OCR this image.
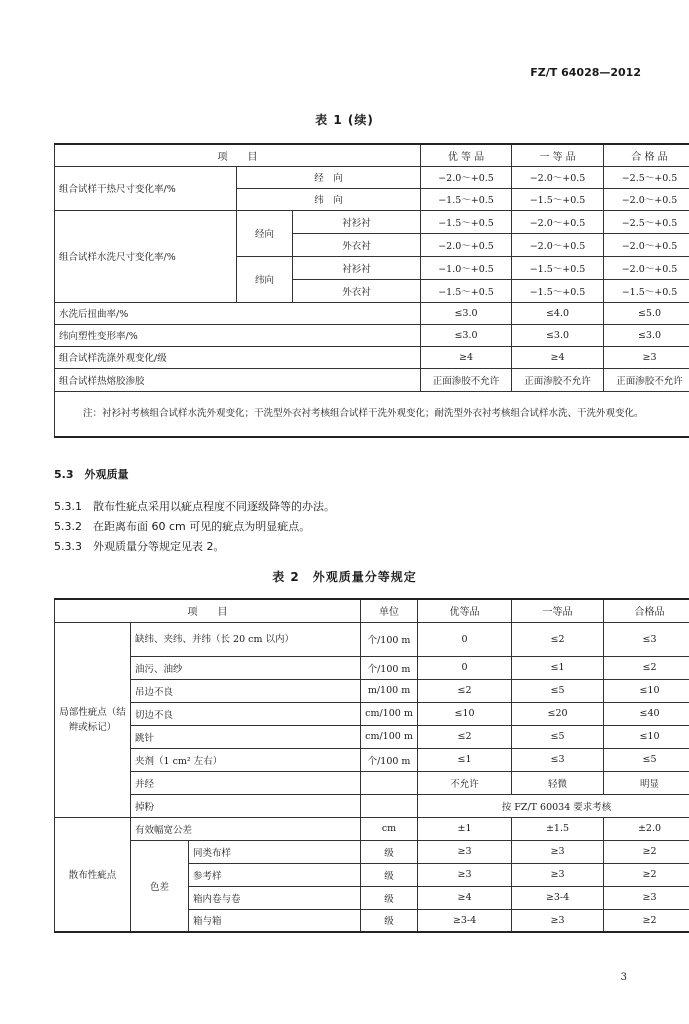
FZ/T 64028—2012
表 1 (续)
项　　目			优 等 品	一 等 品	合 格 品
组合试样干热尺寸变化率/%	经　向		−2.0～+0.5	−2.0～+0.5	−2.5～+0.5
	纬　向		−1.5～+0.5	−1.5～+0.5	−2.0～+0.5
组合试样水洗尺寸变化率/%	经向	衬衫衬	−1.5～+0.5	−2.0～+0.5	−2.5～+0.5
		外衣衬	−2.0～+0.5	−2.0～+0.5	−2.0～+0.5
	纬向	衬衫衬	−1.0～+0.5	−1.5～+0.5	−2.0～+0.5
		外衣衬	−1.5～+0.5	−1.5～+0.5	−1.5～+0.5
水洗后扭曲率/%			≤3.0	≤4.0	≤5.0
纬向塑性变形率/%			≤3.0	≤3.0	≤3.0
组合试样洗涤外观变化/级			≥4	≥4	≥3
组合试样热熔胶渗胶			正面渗胶不允许	正面渗胶不允许	正面渗胶不允许
注：衬衫衬考核组合试样水洗外观变化；干洗型外衣衬考核组合试样干洗外观变化；耐洗型外衣衬考核组合试样水洗、干洗外观变化。					
5.3　外观质量
5.3.1　散布性疵点采用以疵点程度不同逐级降等的办法。
5.3.2　在距离布面 60 cm 可见的疵点为明显疵点。
5.3.3　外观质量分等规定见表 2。
表 2　外观质量分等规定
项　　目			单位	优等品	一等品	合格品
局部性疵点（结辫或标记）	缺纬、夹纬、并纬（长 20 cm 以内）		个/100 m	0	≤2	≤3
	油污、油纱		个/100 m	0	≤1	≤2
	吊边不良		m/100 m	≤2	≤5	≤10
	切边不良		cm/100 m	≤10	≤20	≤40
	跳针		cm/100 m	≤2	≤5	≤10
	夹剂（1 cm² 左右）		个/100 m	≤1	≤3	≤5
	并经			不允许	轻微	明显
	掉粉			按 FZ/T 60034 要求考核		
散布性疵点	有效幅宽公差		cm	±1	±1.5	±2.0
	色差	同类布样	级	≥3	≥3	≥2
		参考样	级	≥3	≥3	≥2
		箱内卷与卷	级	≥4	≥3-4	≥3
		箱与箱	级	≥3-4	≥3	≥2
3
